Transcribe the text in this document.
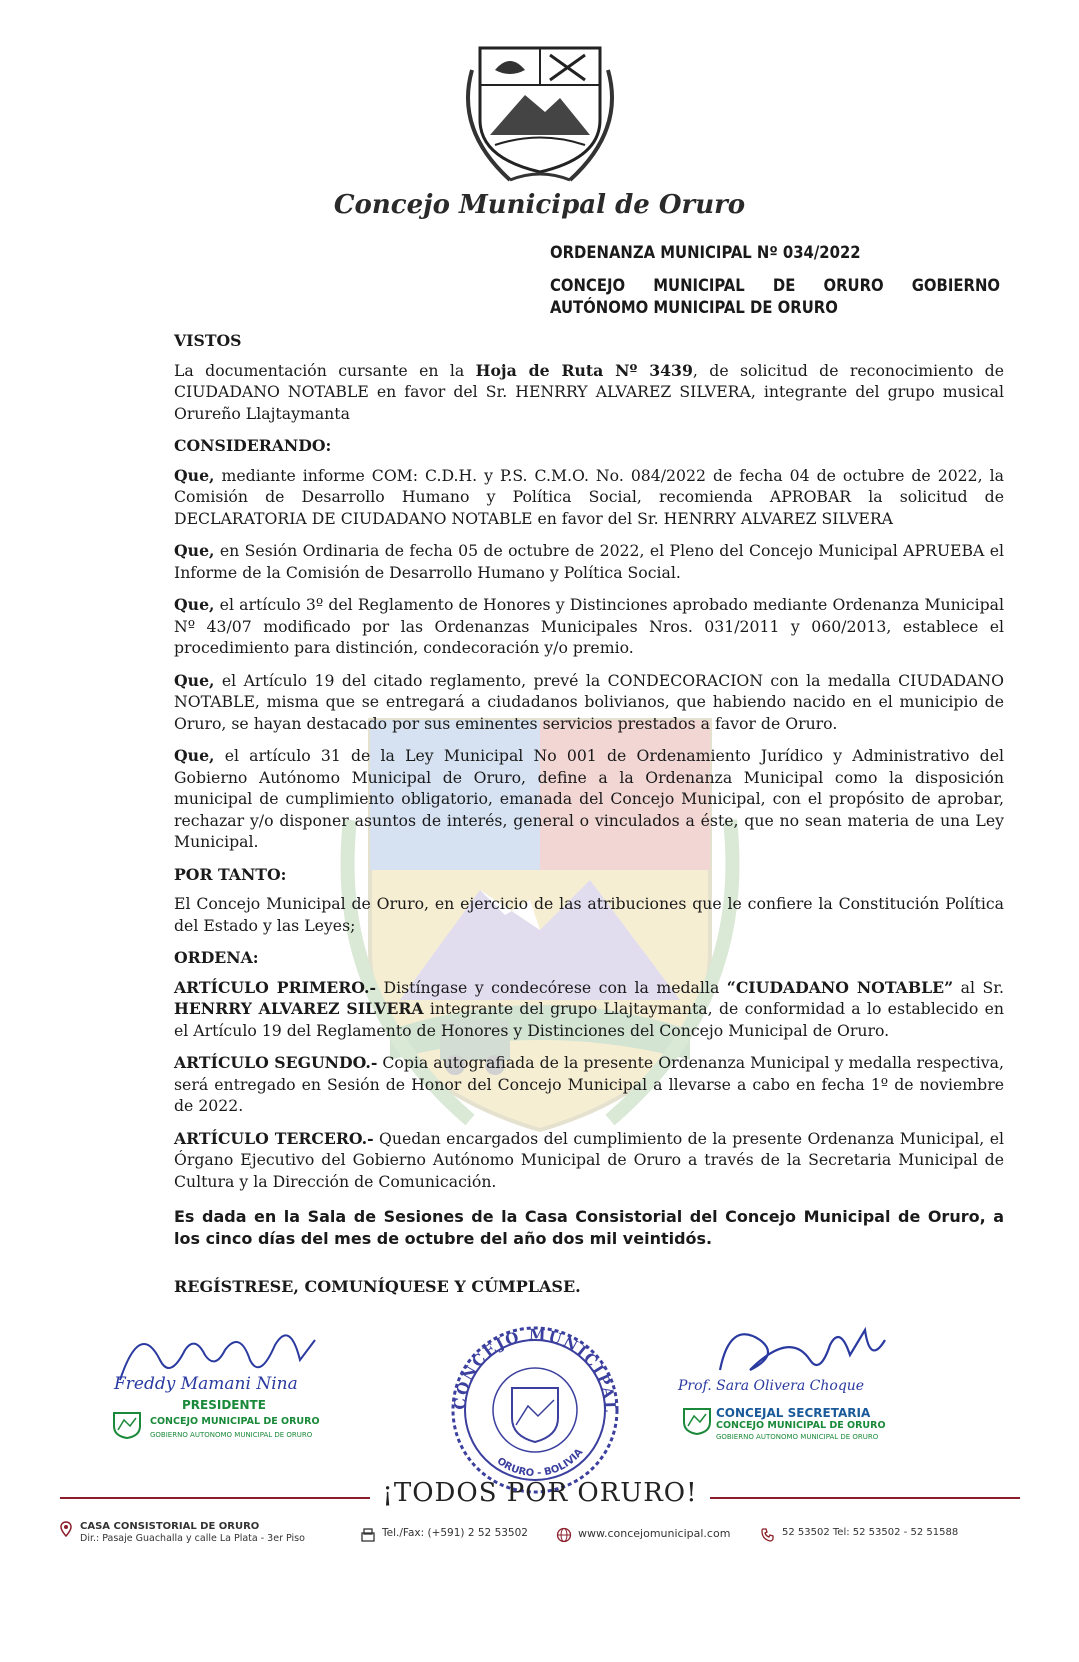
Concejo Municipal de Oruro
ORDENANZA MUNICIPAL Nº 034/2022
CONCEJO MUNICIPAL DE ORURO GOBIERNO AUTÓNOMO MUNICIPAL DE ORURO

VISTOS

La documentación cursante en la Hoja de Ruta Nº 3439, de solicitud de reconocimiento de CIUDADANO NOTABLE en favor del Sr. HENRRY ALVAREZ SILVERA, integrante del grupo musical Orureño Llajtaymanta

CONSIDERANDO:

Que, mediante informe COM: C.D.H. y P.S. C.M.O. No. 084/2022 de fecha 04 de octubre de 2022, la Comisión de Desarrollo Humano y Política Social, recomienda APROBAR la solicitud de DECLARATORIA DE CIUDADANO NOTABLE en favor del Sr. HENRRY ALVAREZ SILVERA

Que, en Sesión Ordinaria de fecha 05 de octubre de 2022, el Pleno del Concejo Municipal APRUEBA el Informe de la Comisión de Desarrollo Humano y Política Social.

Que, el artículo 3º del Reglamento de Honores y Distinciones aprobado mediante Ordenanza Municipal Nº 43/07 modificado por las Ordenanzas Municipales Nros. 031/2011 y 060/2013, establece el procedimiento para distinción, condecoración y/o premio.

Que, el Artículo 19 del citado reglamento, prevé la CONDECORACION con la medalla CIUDADANO NOTABLE, misma que se entregará a ciudadanos bolivianos, que habiendo nacido en el municipio de Oruro, se hayan destacado por sus eminentes servicios prestados a favor de Oruro.

Que, el artículo 31 de la Ley Municipal No 001 de Ordenamiento Jurídico y Administrativo del Gobierno Autónomo Municipal de Oruro, define a la Ordenanza Municipal como la disposición municipal de cumplimiento obligatorio, emanada del Concejo Municipal, con el propósito de aprobar, rechazar y/o disponer asuntos de interés, general o vinculados a éste, que no sean materia de una Ley Municipal.

POR TANTO:

El Concejo Municipal de Oruro, en ejercicio de las atribuciones que le confiere la Constitución Política del Estado y las Leyes;

ORDENA:

ARTÍCULO PRIMERO.- Distíngase y condecórese con la medalla “CIUDADANO NOTABLE” al Sr. HENRRY ALVAREZ SILVERA integrante del grupo Llajtaymanta, de conformidad a lo establecido en el Artículo 19 del Reglamento de Honores y Distinciones del Concejo Municipal de Oruro.

ARTÍCULO SEGUNDO.- Copia autografiada de la presente Ordenanza Municipal y medalla respectiva, será entregado en Sesión de Honor del Concejo Municipal a llevarse a cabo en fecha 1º de noviembre de 2022.

ARTÍCULO TERCERO.- Quedan encargados del cumplimiento de la presente Ordenanza Municipal, el Órgano Ejecutivo del Gobierno Autónomo Municipal de Oruro a través de la Secretaria Municipal de Cultura y la Dirección de Comunicación.

Es dada en la Sala de Sesiones de la Casa Consistorial del Concejo Municipal de Oruro, a los cinco días del mes de octubre del año dos mil veintidós.

REGÍSTRESE, COMUNÍQUESE Y CÚMPLASE.

Freddy Mamani Nina
PRESIDENTE
CONCEJO MUNICIPAL DE ORURO
GOBIERNO AUTONOMO MUNICIPAL DE ORURO
CONCEJO MUNICIPAL
ORURO - BOLIVIA
Prof. Sara Olivera Choque
CONCEJAL SECRETARIA
CONCEJO MUNICIPAL DE ORURO
GOBIERNO AUTONOMO MUNICIPAL DE ORURO
¡TODOS POR ORURO!
CASA CONSISTORIAL DE ORURO
Dir.: Pasaje Guachalla y calle La Plata - 3er Piso	Tel./Fax: (+591) 2 52 53502	www.concejomunicipal.com	52 53502 Tel: 52 53502 - 52 51588
